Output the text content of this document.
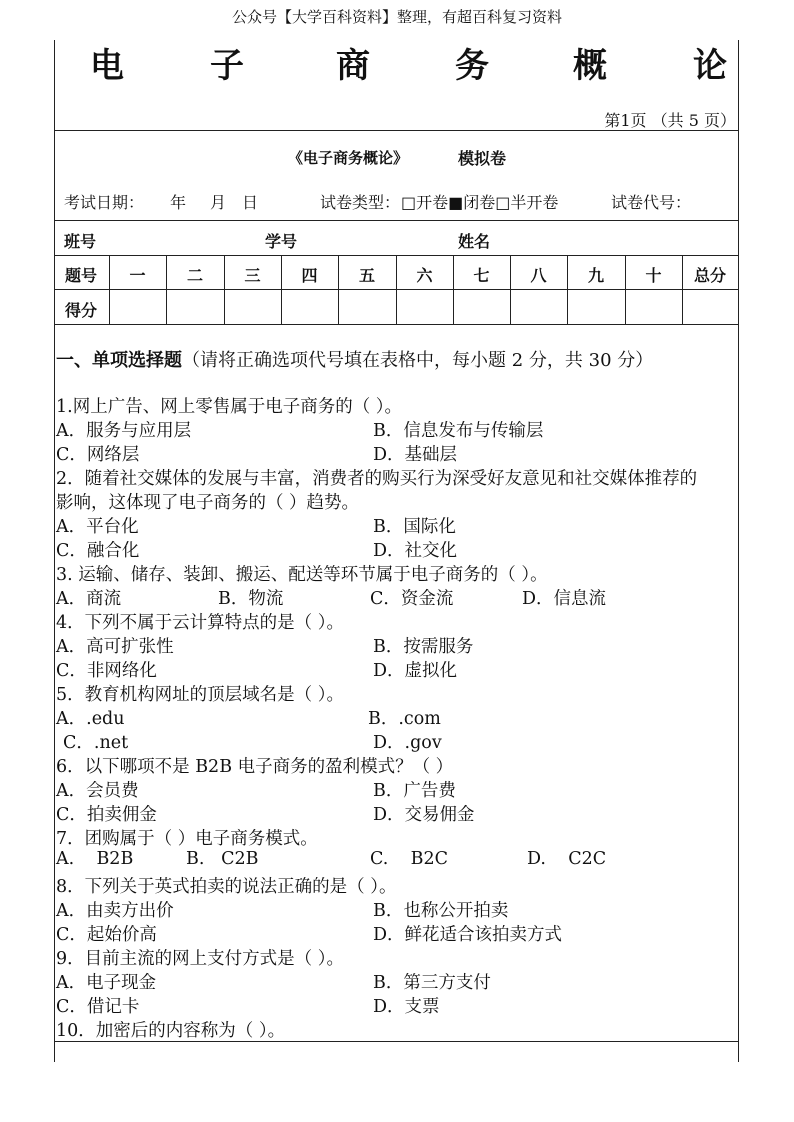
公众号【大学百科资料】整理，有超百科复习资料
电	子	商	务 概	论
第1页 （共 5 页）
《电子商务概论》	模拟卷
考试日期： 年 月 日	试卷类型： □开卷■闭卷□半开卷	试卷代号：
班号	学号	姓名
题号	一	二	三	四	五	六	七	八	九	十	总分
得分
一、单项选择题（请将正确选项代号填在表格中，每小题 2 分，共 30 分）
1.网上广告、网上零售属于电子商务的（ ）。
A．服务与应用层	B．信息发布与传输层
C．网络层	D．基础层
2．随着社交媒体的发展与丰富，消费者的购买行为深受好友意见和社交媒体推荐的
影响，这体现了电子商务的（ ）趋势。
A．平台化	B．国际化
C．融合化	D．社交化
3. 运输、储存、装卸、搬运、配送等环节属于电子商务的（ ）。
A．商流	B．物流	C．资金流	D．信息流
4．下列不属于云计算特点的是（ ）。
A．高可扩张性	B．按需服务
C．非网络化	D．虚拟化
5．教育机构网址的顶层域名是（ ）。
A．.edu	B．.com
C．.net	D．.gov
6．以下哪项不是 B2B 电子商务的盈利模式？（ ）
A．会员费	B．广告费
C．拍卖佣金	D．交易佣金
7．团购属于（ ）电子商务模式。
A.    B2B	B.   C2B	C.    B2C	D.    C2C
8．下列关于英式拍卖的说法正确的是（ ）。
A．由卖方出价	B．也称公开拍卖
C．起始价高	D．鲜花适合该拍卖方式
9．目前主流的网上支付方式是（ ）。
A．电子现金	B．第三方支付
C．借记卡	D．支票
10．加密后的内容称为（ ）。
